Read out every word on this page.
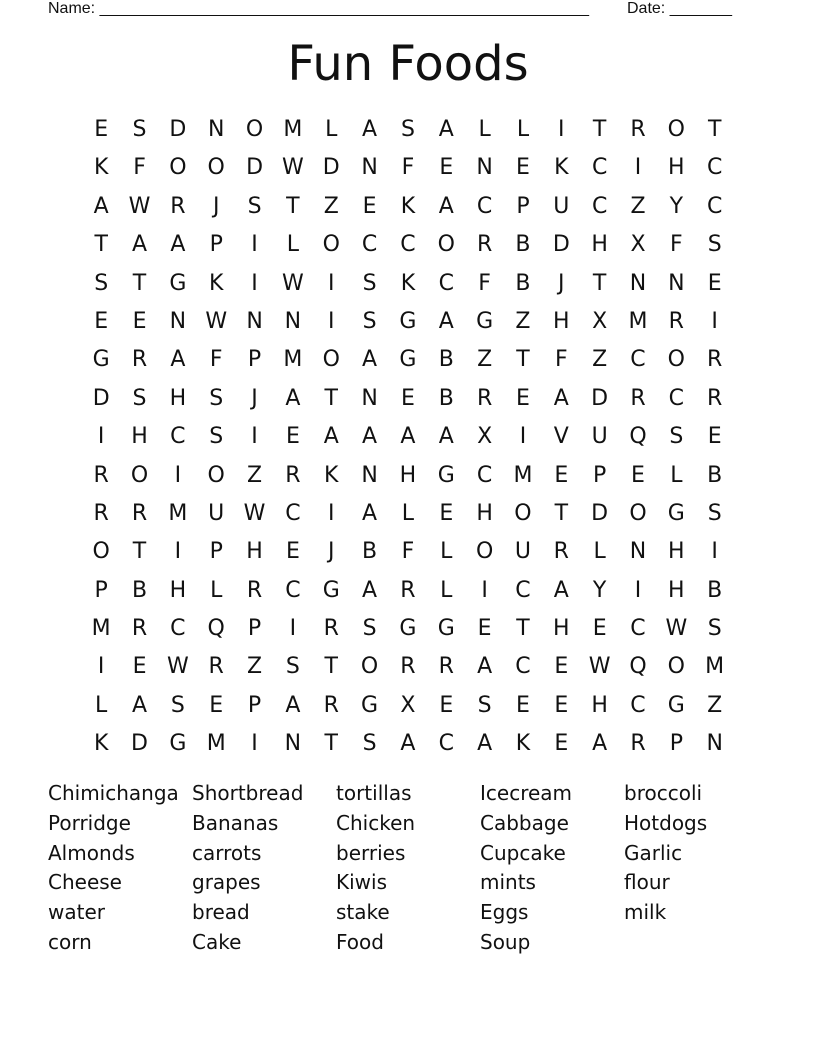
Name: _______________________________________________________ Date: _______
Fun Foods
E	S	D N O M	L	A	S	A	L	L	I	T	R	O	T
K	F	O O D W D N	F	E	N	E	K	C	I	H	C
A W R	J	S	T	Z	E	K	A	C	P	U	C	Z	Y	C
T	A	A	P	I	L	O	C	C O	R	B	D H	X	F	S
S	T	G	K	I	W	I	S	K	C	F	B	J	T	N N	E
E	E	N W N N	I	S	G	A	G	Z	H	X M R	I
G	R	A	F	P	M O	A	G	B	Z	T	F	Z	C O	R
D	S	H	S	J	A	T	N	E	B	R	E	A	D	R	C	R
I	H	C	S	I	E	A	A	A	A	X	I	V	U Q	S	E
R	O	I	O	Z	R	K	N H G	C M E	P	E	L	B
R	R M U W C	I	A	L	E	H O	T	D O G	S
O	T	I	P	H	E	J	B	F	L	O U	R	L	N H	I
P	B	H	L	R	C	G	A	R	L	I	C	A	Y	I	H	B
M R	C Q	P	I	R	S	G G	E	T	H	E	C W S
I	E W R	Z	S	T	O	R	R	A	C	E W Q O M
L	A	S	E	P	A	R	G	X	E	S	E	E	H	C	G	Z
K	D G M	I	N	T	S	A	C	A	K	E	A	R	P	N
Chimichanga Shortbread	tortillas	Icecream	broccoli
Porridge	Bananas	Chicken	Cabbage	Hotdogs
Almonds	carrots	berries	Cupcake	Garlic
Cheese	grapes	Kiwis	mints	flour
water	bread	stake	Eggs	milk
corn	Cake	Food	Soup
